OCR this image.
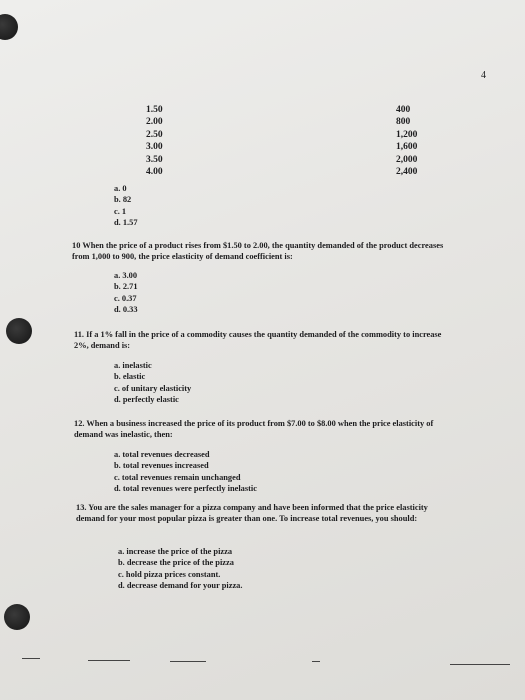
4
1.50
2.00
2.50
3.00
3.50
4.00
400
800
1,200
1,600
2,000
2,400
a. 0
b. 82
c. 1
d. 1.57
10 When the price of a product rises from $1.50 to 2.00, the quantity demanded of the product decreases from 1,000 to 900, the price elasticity of demand coefficient is:
a. 3.00
b. 2.71
c. 0.37
d. 0.33
11. If a 1% fall in the price of a commodity causes the quantity demanded of the commodity to increase 2%, demand is:
a. inelastic
b. elastic
c. of unitary elasticity
d. perfectly elastic
12. When a business increased the price of its product from $7.00 to $8.00 when the price elasticity of demand was inelastic, then:
a. total revenues decreased
b. total revenues increased
c. total revenues remain unchanged
d. total revenues were perfectly inelastic
13. You are the sales manager for a pizza company and have been informed that the price elasticity demand for your most popular pizza is greater than one. To increase total revenues, you should:
a. increase the price of the pizza
b. decrease the price of the pizza
c. hold pizza prices constant.
d. decrease demand for your pizza.
